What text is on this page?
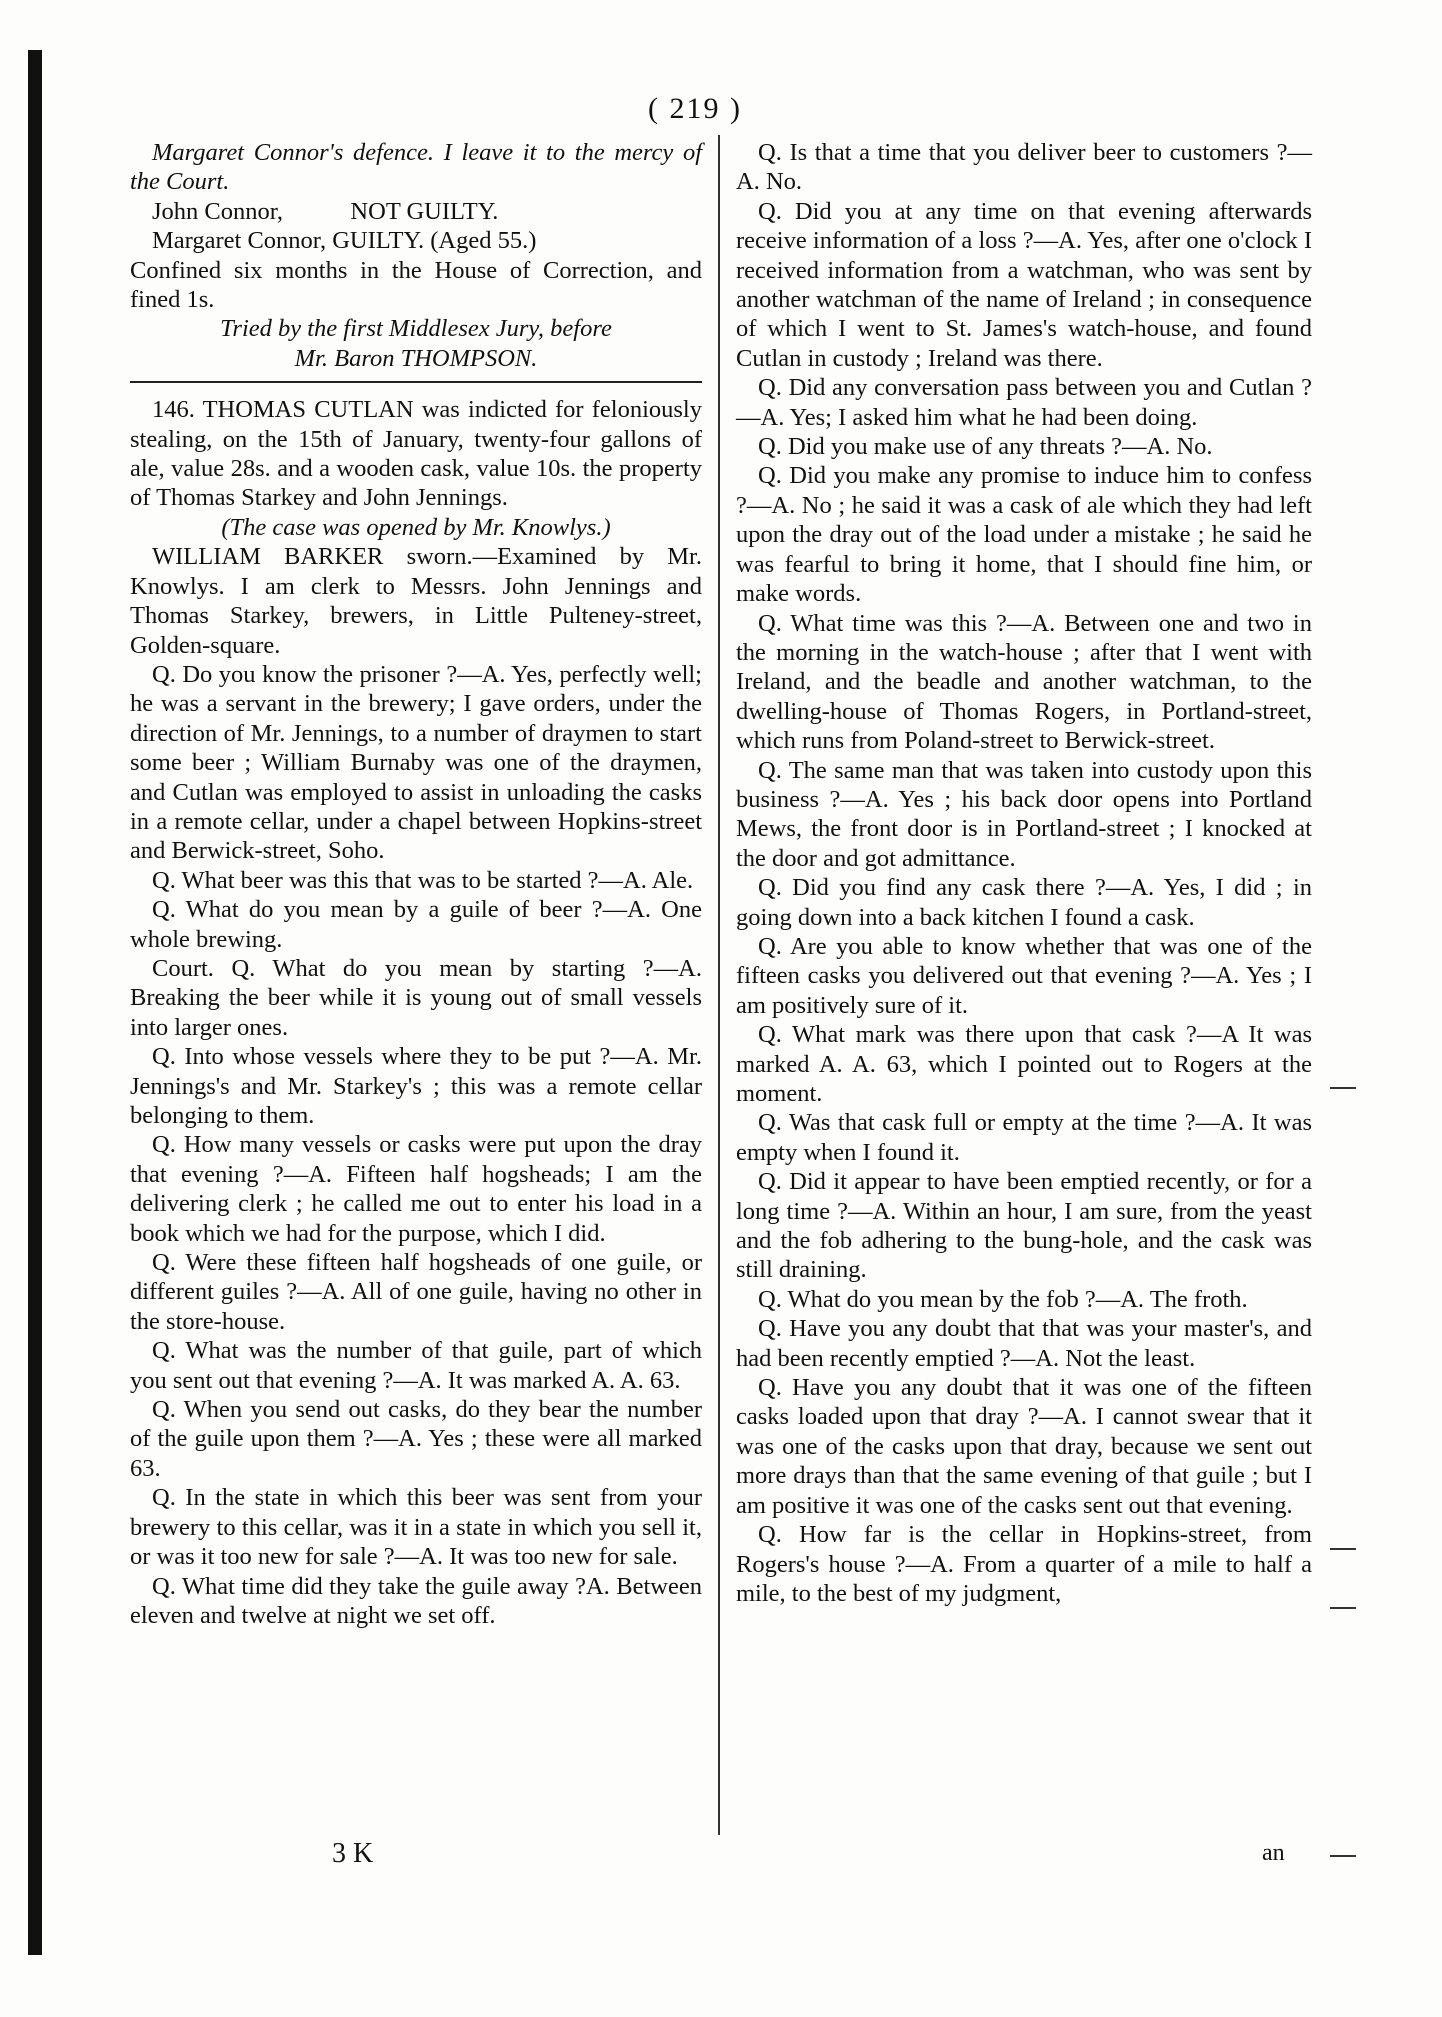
( 219 )

Margaret Connor's defence. I leave it to the mercy of the Court.

John Connor,           NOT GUILTY.

Margaret Connor, GUILTY. (Aged 55.)

Confined six months in the House of Correction, and fined 1s.

Tried by the first Middlesex Jury, before

Mr. Baron THOMPSON.

146. THOMAS CUTLAN was indicted for feloniously stealing, on the 15th of January, twenty-four gallons of ale, value 28s. and a wooden cask, value 10s. the property of Thomas Starkey and John Jennings.

(The case was opened by Mr. Knowlys.)

WILLIAM BARKER sworn.—Examined by Mr. Knowlys. I am clerk to Messrs. John Jennings and Thomas Starkey, brewers, in Little Pulteney-street, Golden-square.

Q. Do you know the prisoner ?—A. Yes, perfectly well; he was a servant in the brewery; I gave orders, under the direction of Mr. Jennings, to a number of draymen to start some beer ; William Burnaby was one of the draymen, and Cutlan was employed to assist in unloading the casks in a remote cellar, under a chapel between Hopkins-street and Berwick-street, Soho.

Q. What beer was this that was to be started ?—A. Ale.

Q. What do you mean by a guile of beer ?—A. One whole brewing.

Court. Q. What do you mean by starting ?—A. Breaking the beer while it is young out of small vessels into larger ones.

Q. Into whose vessels where they to be put ?—A. Mr. Jennings's and Mr. Starkey's ; this was a remote cellar belonging to them.

Q. How many vessels or casks were put upon the dray that evening ?—A. Fifteen half hogsheads; I am the delivering clerk ; he called me out to enter his load in a book which we had for the purpose, which I did.

Q. Were these fifteen half hogsheads of one guile, or different guiles ?—A. All of one guile, having no other in the store-house.

Q. What was the number of that guile, part of which you sent out that evening ?—A. It was marked A. A. 63.

Q. When you send out casks, do they bear the number of the guile upon them ?—A. Yes ; these were all marked 63.

Q. In the state in which this beer was sent from your brewery to this cellar, was it in a state in which you sell it, or was it too new for sale ?—A. It was too new for sale.

Q. What time did they take the guile away ?A. Between eleven and twelve at night we set off.

Q. Is that a time that you deliver beer to customers ?—A. No.

Q. Did you at any time on that evening afterwards receive information of a loss ?—A. Yes, after one o'clock I received information from a watchman, who was sent by another watchman of the name of Ireland ; in consequence of which I went to St. James's watch-house, and found Cutlan in custody ; Ireland was there.

Q. Did any conversation pass between you and Cutlan ?—A. Yes; I asked him what he had been doing.

Q. Did you make use of any threats ?—A. No.

Q. Did you make any promise to induce him to confess ?—A. No ; he said it was a cask of ale which they had left upon the dray out of the load under a mistake ; he said he was fearful to bring it home, that I should fine him, or make words.

Q. What time was this ?—A. Between one and two in the morning in the watch-house ; after that I went with Ireland, and the beadle and another watchman, to the dwelling-house of Thomas Rogers, in Portland-street, which runs from Poland-street to Berwick-street.

Q. The same man that was taken into custody upon this business ?—A. Yes ; his back door opens into Portland Mews, the front door is in Portland-street ; I knocked at the door and got admittance.

Q. Did you find any cask there ?—A. Yes, I did ; in going down into a back kitchen I found a cask.

Q. Are you able to know whether that was one of the fifteen casks you delivered out that evening ?—A. Yes ; I am positively sure of it.

Q. What mark was there upon that cask ?—A It was marked A. A. 63, which I pointed out to Rogers at the moment.

Q. Was that cask full or empty at the time ?—A. It was empty when I found it.

Q. Did it appear to have been emptied recently, or for a long time ?—A. Within an hour, I am sure, from the yeast and the fob adhering to the bung-hole, and the cask was still draining.

Q. What do you mean by the fob ?—A. The froth.

Q. Have you any doubt that that was your master's, and had been recently emptied ?—A. Not the least.

Q. Have you any doubt that it was one of the fifteen casks loaded upon that dray ?—A. I cannot swear that it was one of the casks upon that dray, because we sent out more drays than that the same evening of that guile ; but I am positive it was one of the casks sent out that evening.

Q. How far is the cellar in Hopkins-street, from Rogers's house ?—A. From a quarter of a mile to half a mile, to the best of my judgment,

3 K	an
